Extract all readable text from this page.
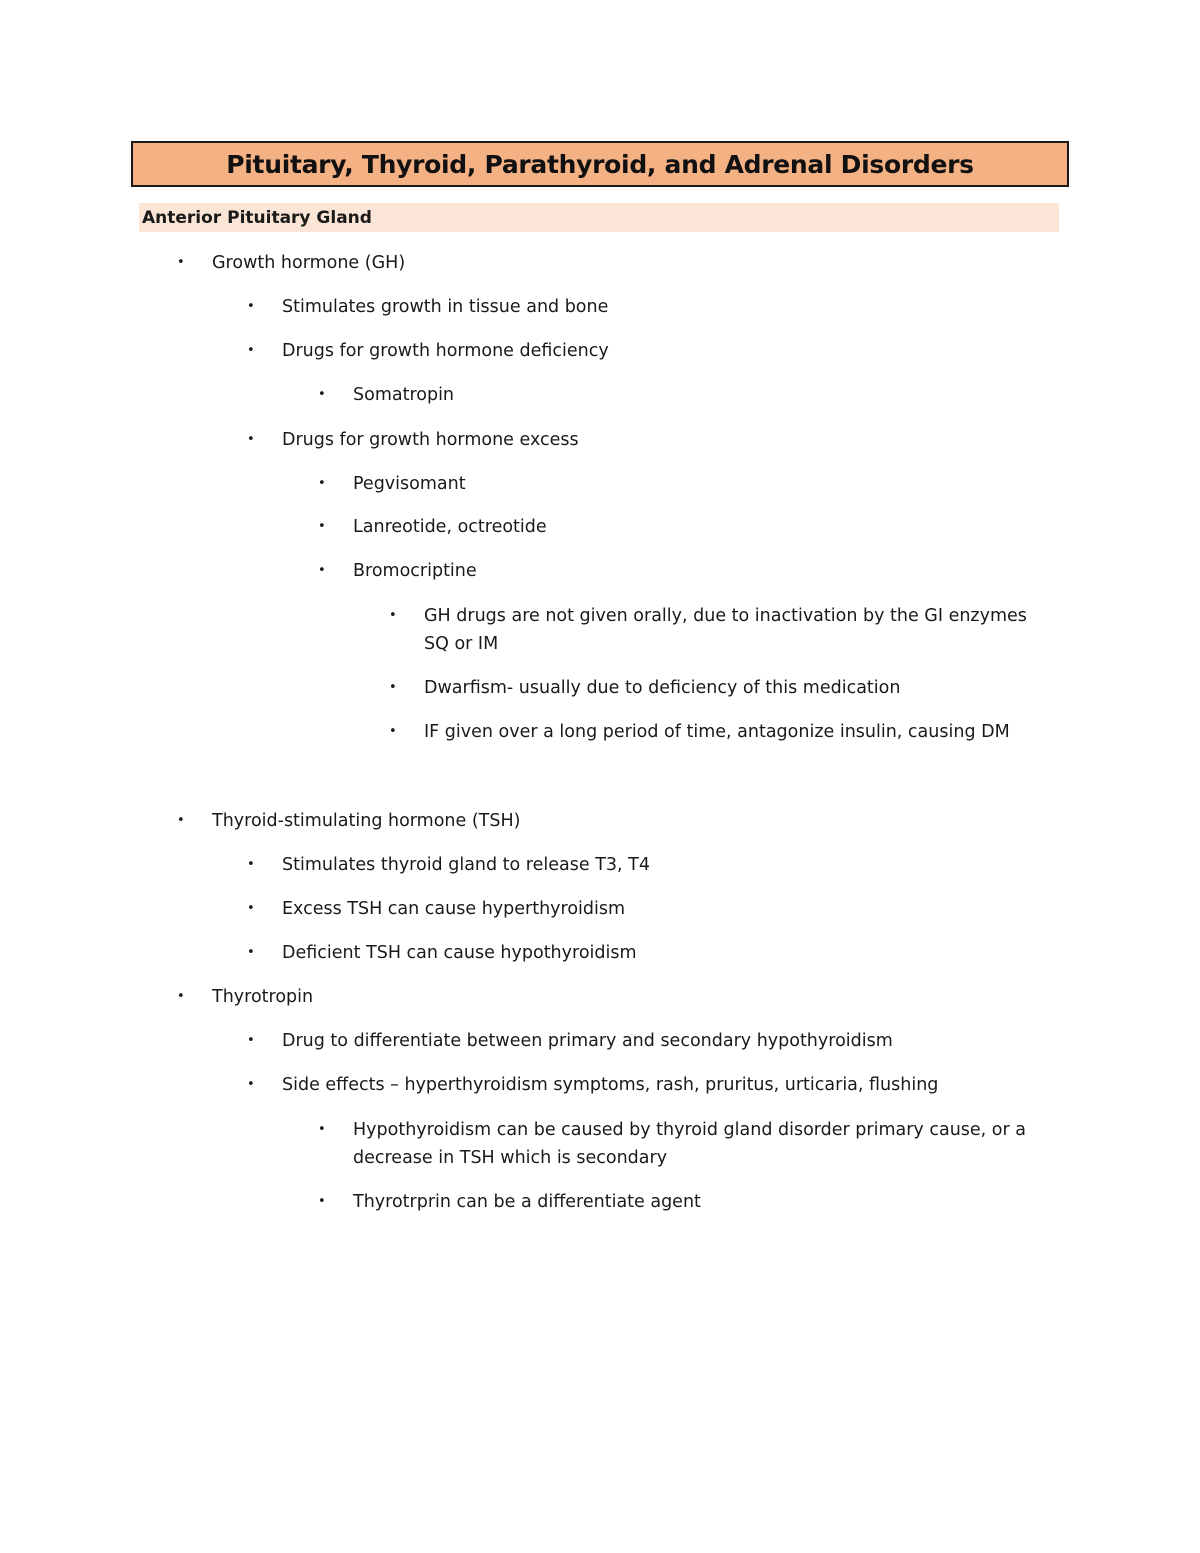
Pituitary, Thyroid, Parathyroid, and Adrenal Disorders
Anterior Pituitary Gland
• Growth hormone (GH)
• Stimulates growth in tissue and bone
• Drugs for growth hormone deficiency
• Somatropin
• Drugs for growth hormone excess
• Pegvisomant
• Lanreotide, octreotide
• Bromocriptine
• GH drugs are not given orally, due to inactivation by the GI enzymes SQ or IM
• Dwarfism- usually due to deficiency of this medication
• IF given over a long period of time, antagonize insulin, causing DM
• Thyroid-stimulating hormone (TSH)
• Stimulates thyroid gland to release T3, T4
• Excess TSH can cause hyperthyroidism
• Deficient TSH can cause hypothyroidism
• Thyrotropin
• Drug to differentiate between primary and secondary hypothyroidism
• Side effects – hyperthyroidism symptoms, rash, pruritus, urticaria, flushing
• Hypothyroidism can be caused by thyroid gland disorder primary cause, or a decrease in TSH which is secondary
• Thyrotrprin can be a differentiate agent
